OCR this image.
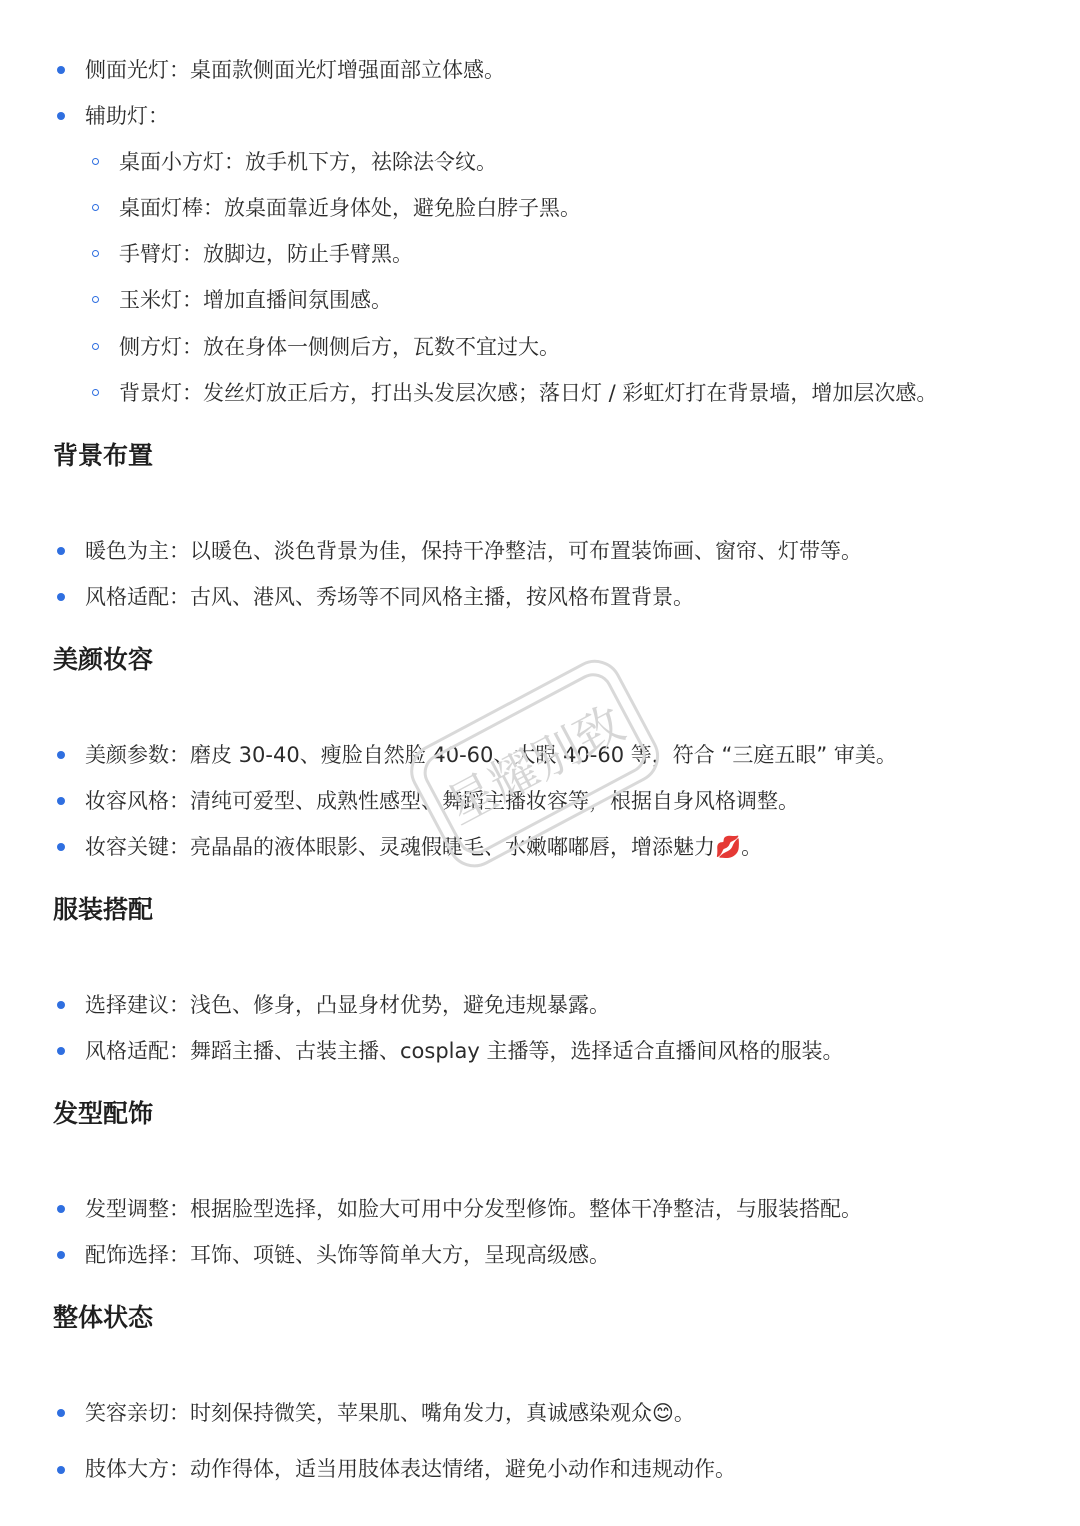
侧面光灯：桌面款侧面光灯增强面部立体感。
辅助灯：
桌面小方灯：放手机下方，祛除法令纹。
桌面灯棒：放桌面靠近身体处，避免脸白脖子黑。
手臂灯：放脚边，防止手臂黑。
玉米灯：增加直播间氛围感。
侧方灯：放在身体一侧侧后方，瓦数不宜过大。
背景灯：发丝灯放正后方，打出头发层次感；落日灯 / 彩虹灯打在背景墙，增加层次感。
背景布置
暖色为主：以暖色、淡色背景为佳，保持干净整洁，可布置装饰画、窗帘、灯带等。
风格适配：古风、港风、秀场等不同风格主播，按风格布置背景。
美颜妆容
美颜参数：磨皮 30-40、瘦脸自然脸 40-60、大眼 40-60 等，符合 “三庭五眼” 审美。
妆容风格：清纯可爱型、成熟性感型、舞蹈主播妆容等，根据自身风格调整。
妆容关键：亮晶晶的液体眼影、灵魂假睫毛、水嫩嘟嘟唇，增添魅力💋。
服装搭配
选择建议：浅色、修身，凸显身材优势，避免违规暴露。
风格适配：舞蹈主播、古装主播、cosplay 主播等，选择适合直播间风格的服装。
发型配饰
发型调整：根据脸型选择，如脸大可用中分发型修饰。整体干净整洁，与服装搭配。
配饰选择：耳饰、项链、头饰等简单大方，呈现高级感。
整体状态
笑容亲切：时刻保持微笑，苹果肌、嘴角发力，真诚感染观众😊。
肢体大方：动作得体，适当用肢体表达情绪，避免小动作和违规动作。
星耀别致
